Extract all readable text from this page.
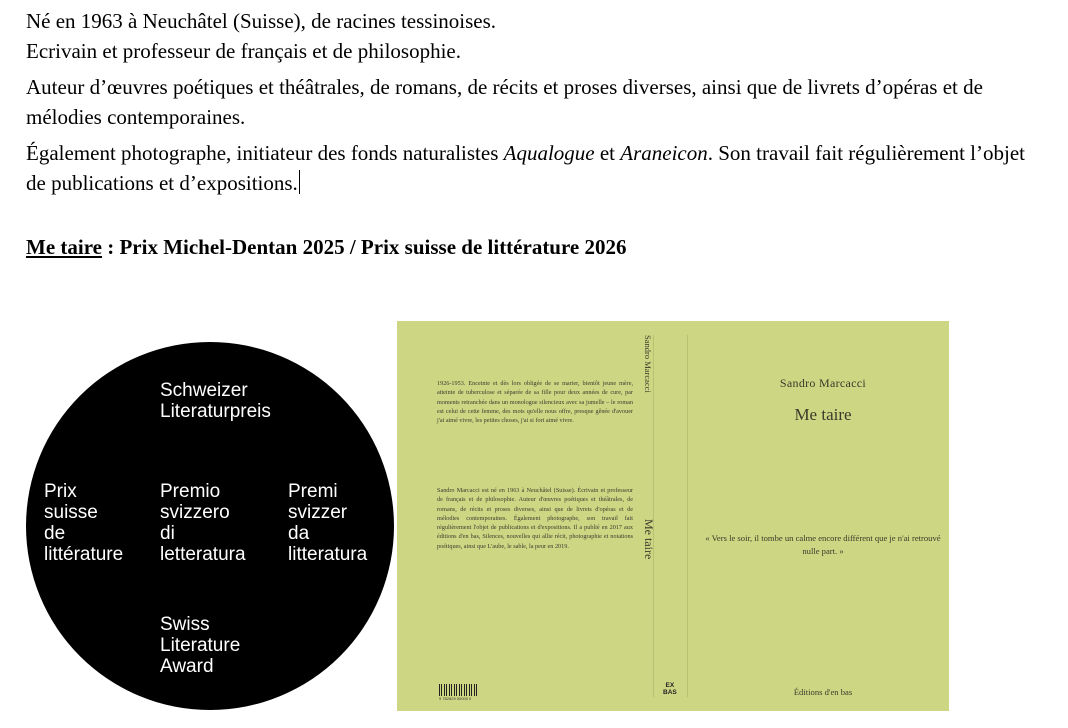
Né en 1963 à Neuchâtel (Suisse), de racines tessinoises.

Ecrivain et professeur de français et de philosophie.

Auteur d’œuvres poétiques et théâtrales, de romans, de récits et proses diverses, ainsi que de livrets d’opéras et de mélodies contemporaines.

Également photographe, initiateur des fonds naturalistes Aqualogue et Araneicon. Son travail fait régulièrement l’objet de publications et d’expositions.

Me taire : Prix Michel-Dentan 2025 / Prix suisse de littérature 2026
Schweizer
Literaturpreis
Prix
suisse
de
littérature
Premio
svizzero
di
letteratura
Premi
svizzer
da
litteratura
Swiss
Literature
Award
1926-1953. Enceinte et dès lors obligée de se marier, bientôt jeune mère, atteinte de tuberculose et séparée de sa fille pour deux années de cure, par moments retranchée dans un monologue silencieux avec sa jumelle – le roman est celui de cette femme, des mots qu'elle nous offre, presque gênée d'avouer j'ai aimé vivre, les petites choses, j'ai si fort aimé vivre.
Sandro Marcacci est né en 1963 à Neuchâtel (Suisse). Écrivain et professeur de français et de philosophie. Auteur d'œuvres poétiques et théâtrales, de romans, de récits et proses diverses, ainsi que de livrets d'opéras et de mélodies contemporaines. Également photographe, son travail fait régulièrement l'objet de publications et d'expositions. Il a publié en 2017 aux éditions d'en bas, Silences, nouvelles qui allie récit, photographie et notations poétiques, ainsi que L'aube, le sable, la peur en 2019.
9 782829 00000 0
Sandro Marcacci
Me taire
EX
BAS
Sandro Marcacci
Me taire
« Vers le soir, il tombe un calme encore différent que je n'ai retrouvé nulle part. »
Éditions d'en bas
